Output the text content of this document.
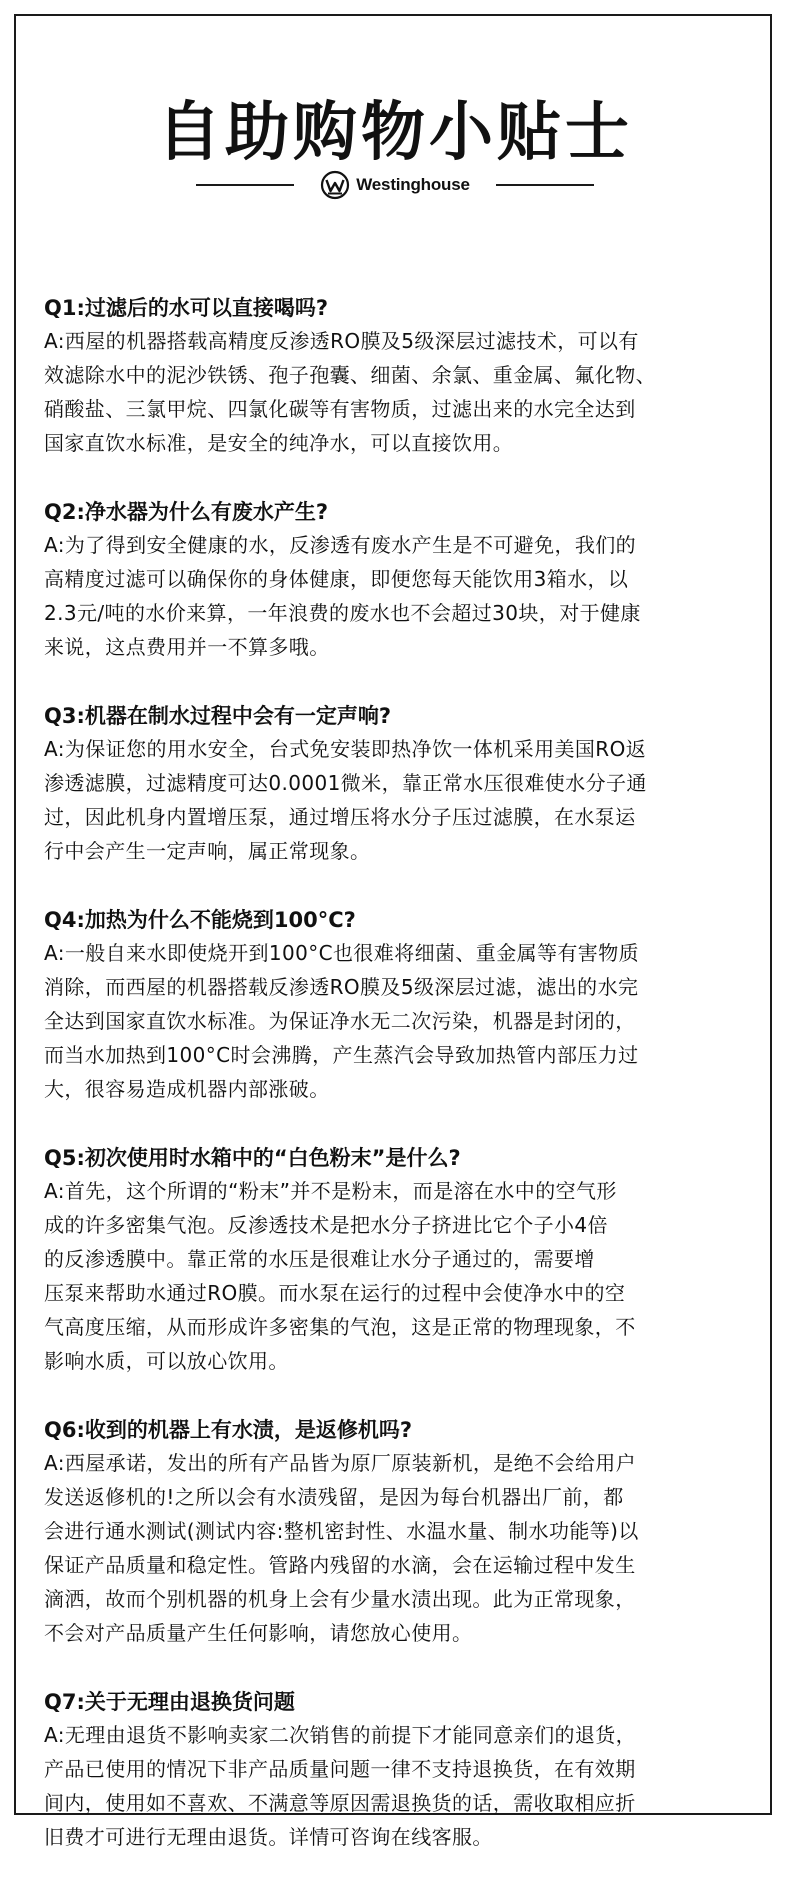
自助购物小贴士
Westinghouse
Q1:过滤后的水可以直接喝吗?
A:西屋的机器搭载高精度反渗透RO膜及5级深层过滤技术，可以有
效滤除水中的泥沙铁锈、孢子孢囊、细菌、余氯、重金属、氟化物、
硝酸盐、三氯甲烷、四氯化碳等有害物质，过滤出来的水完全达到
国家直饮水标准，是安全的纯净水，可以直接饮用。
Q2:净水器为什么有废水产生?
A:为了得到安全健康的水，反渗透有废水产生是不可避免，我们的
高精度过滤可以确保你的身体健康，即便您每天能饮用3箱水，以
2.3元/吨的水价来算，一年浪费的废水也不会超过30块，对于健康
来说，这点费用并一不算多哦。
Q3:机器在制水过程中会有一定声响?
A:为保证您的用水安全，台式免安装即热净饮一体机采用美国RO返
渗透滤膜，过滤精度可达0.0001微米，靠正常水压很难使水分子通
过，因此机身内置增压泵，通过增压将水分子压过滤膜，在水泵运
行中会产生一定声响，属正常现象。
Q4:加热为什么不能烧到100°C?
A:一般自来水即使烧开到100°C也很难将细菌、重金属等有害物质
消除，而西屋的机器搭载反渗透RO膜及5级深层过滤，滤出的水完
全达到国家直饮水标准。为保证净水无二次污染，机器是封闭的，
而当水加热到100°C时会沸腾，产生蒸汽会导致加热管内部压力过
大，很容易造成机器内部涨破。
Q5:初次使用时水箱中的“白色粉末”是什么?
A:首先，这个所谓的“粉末”并不是粉末，而是溶在水中的空气形
成的许多密集气泡。反渗透技术是把水分子挤进比它个子小4倍
的反渗透膜中。靠正常的水压是很难让水分子通过的，需要增
压泵来帮助水通过RO膜。而水泵在运行的过程中会使净水中的空
气高度压缩，从而形成许多密集的气泡，这是正常的物理现象，不
影响水质，可以放心饮用。
Q6:收到的机器上有水渍，是返修机吗?
A:西屋承诺，发出的所有产品皆为原厂原装新机，是绝不会给用户
发送返修机的!之所以会有水渍残留，是因为每台机器出厂前，都
会进行通水测试(测试内容:整机密封性、水温水量、制水功能等)以
保证产品质量和稳定性。管路内残留的水滴，会在运输过程中发生
滴洒，故而个别机器的机身上会有少量水渍出现。此为正常现象，
不会对产品质量产生任何影响，请您放心使用。
Q7:关于无理由退换货问题
A:无理由退货不影响卖家二次销售的前提下才能同意亲们的退货，
产品已使用的情况下非产品质量问题一律不支持退换货，在有效期
间内，使用如不喜欢、不满意等原因需退换货的话，需收取相应折
旧费才可进行无理由退货。详情可咨询在线客服。
